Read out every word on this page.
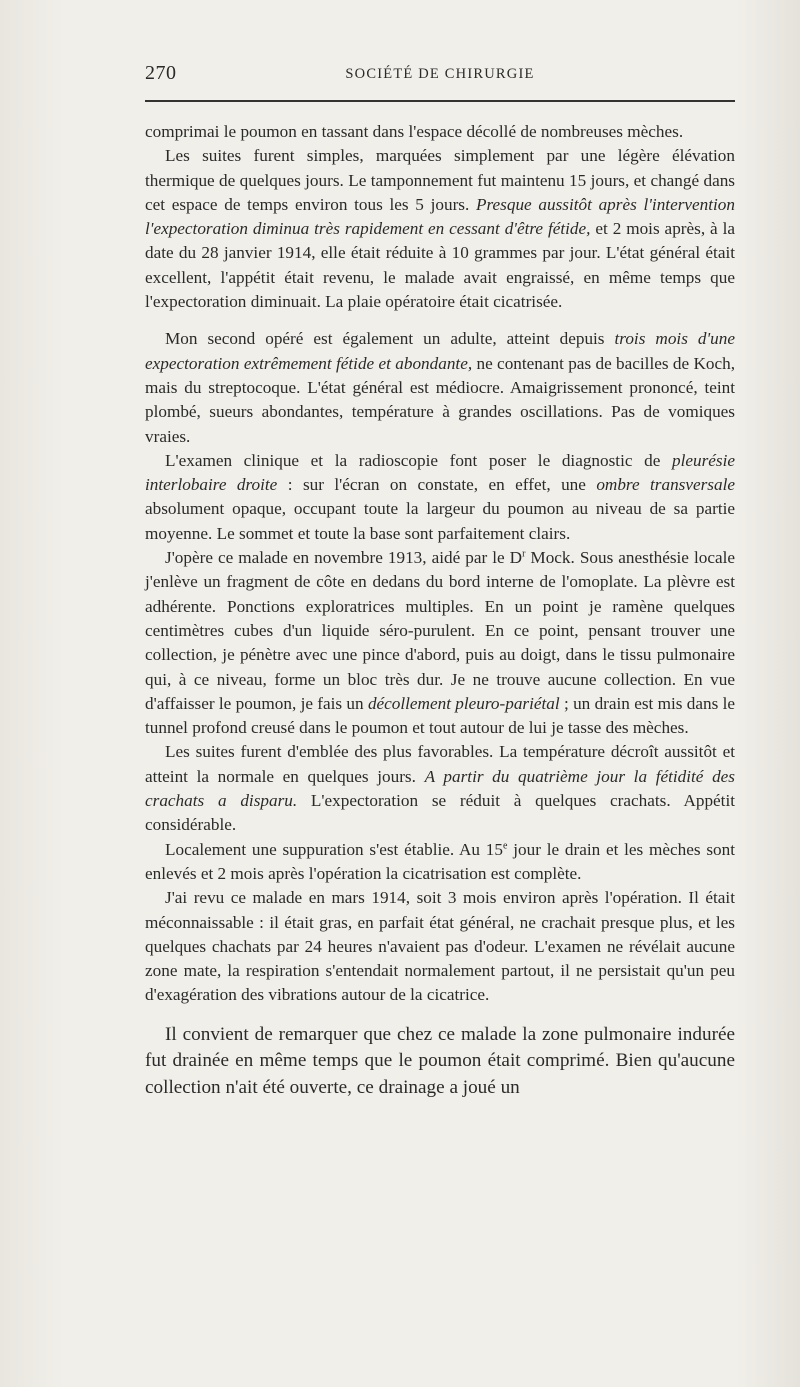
270	SOCIÉTÉ DE CHIRURGIE

comprimai le poumon en tassant dans l'espace décollé de nombreuses mèches.

Les suites furent simples, marquées simplement par une légère élévation thermique de quelques jours. Le tamponnement fut maintenu 15 jours, et changé dans cet espace de temps environ tous les 5 jours. Presque aussitôt après l'intervention l'expectoration diminua très rapidement en cessant d'être fétide, et 2 mois après, à la date du 28 janvier 1914, elle était réduite à 10 grammes par jour. L'état général était excellent, l'appétit était revenu, le malade avait engraissé, en même temps que l'expectoration diminuait. La plaie opératoire était cicatrisée.

Mon second opéré est également un adulte, atteint depuis trois mois d'une expectoration extrêmement fétide et abondante, ne contenant pas de bacilles de Koch, mais du streptocoque. L'état général est médiocre. Amaigrissement prononcé, teint plombé, sueurs abondantes, température à grandes oscillations. Pas de vomiques vraies.

L'examen clinique et la radioscopie font poser le diagnostic de pleurésie interlobaire droite : sur l'écran on constate, en effet, une ombre transversale absolument opaque, occupant toute la largeur du poumon au niveau de sa partie moyenne. Le sommet et toute la base sont parfaitement clairs.

J'opère ce malade en novembre 1913, aidé par le $D^r$ Mock. Sous anesthésie locale j'enlève un fragment de côte en dedans du bord interne de l'omoplate. La plèvre est adhérente. Ponctions exploratrices multiples. En un point je ramène quelques centimètres cubes d'un liquide séro-purulent. En ce point, pensant trouver une collection, je pénètre avec une pince d'abord, puis au doigt, dans le tissu pulmonaire qui, à ce niveau, forme un bloc très dur. Je ne trouve aucune collection. En vue d'affaisser le poumon, je fais un décollement pleuro-pariétal ; un drain est mis dans le tunnel profond creusé dans le poumon et tout autour de lui je tasse des mèches.

Les suites furent d'emblée des plus favorables. La température décroît aussitôt et atteint la normale en quelques jours. A partir du quatrième jour la fétidité des crachats a disparu. L'expectoration se réduit à quelques crachats. Appétit considérable.

Localement une suppuration s'est établie. Au 15e jour le drain et les mèches sont enlevés et 2 mois après l'opération la cicatrisation est complète.

J'ai revu ce malade en mars 1914, soit 3 mois environ après l'opération. Il était méconnaissable : il était gras, en parfait état général, ne crachait presque plus, et les quelques chachats par 24 heures n'avaient pas d'odeur. L'examen ne révélait aucune zone mate, la respiration s'entendait normalement partout, il ne persistait qu'un peu d'exagération des vibrations autour de la cicatrice.

Il convient de remarquer que chez ce malade la zone pulmonaire indurée fut drainée en même temps que le poumon était comprimé. Bien qu'aucune collection n'ait été ouverte, ce drainage a joué un
